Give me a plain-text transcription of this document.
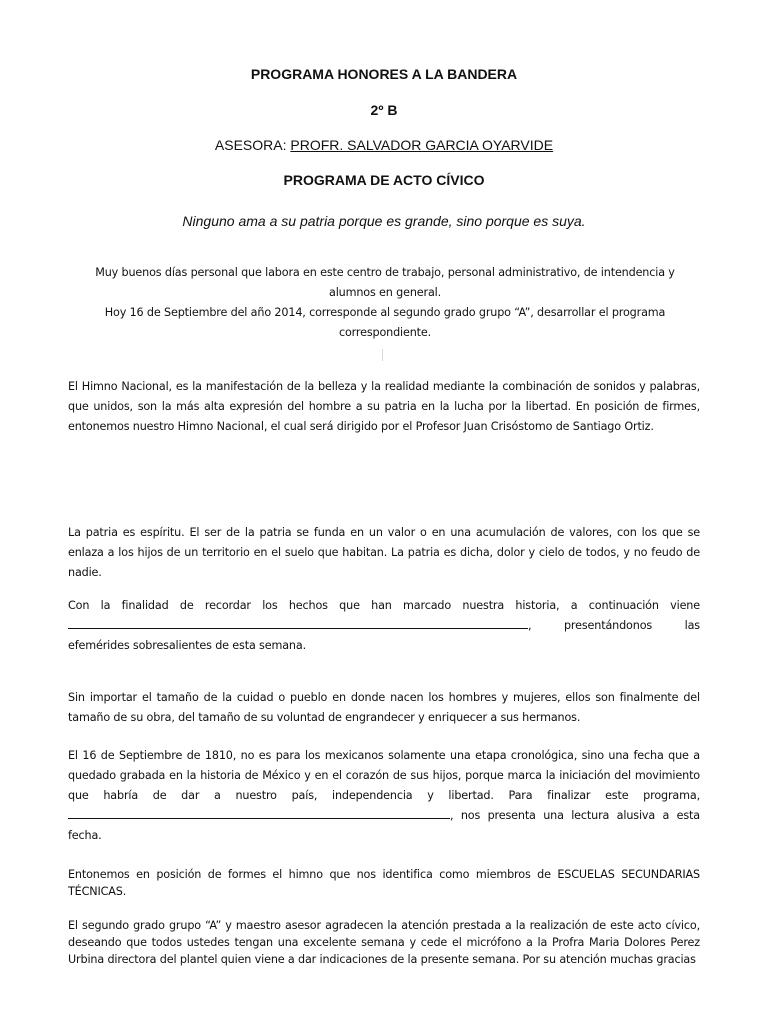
PROGRAMA HONORES A LA BANDERA
2º B
ASESORA: PROFR. SALVADOR GARCIA OYARVIDE
PROGRAMA DE ACTO CÍVICO
Ninguno ama a su patria porque es grande, sino porque es suya.
Muy buenos días personal que labora en este centro de trabajo, personal administrativo, de intendencia y alumnos en general.
Hoy 16 de Septiembre del año 2014, corresponde al segundo grado grupo “A”, desarrollar el programa correspondiente.
El Himno Nacional, es la manifestación de la belleza y la realidad mediante la combinación de sonidos y palabras, que unidos, son la más alta expresión del hombre a su patria en la lucha por la libertad. En posición de firmes, entonemos nuestro Himno Nacional, el cual será dirigido por el Profesor Juan Crisóstomo de Santiago Ortiz.
La patria es espíritu. El ser de la patria se funda en un valor o en una acumulación de valores, con los que se enlaza a los hijos de un territorio en el suelo que habitan. La patria es dicha, dolor y cielo de todos, y no feudo de nadie.
Con la finalidad de recordar los hechos que han marcado nuestra historia, a continuación viene , presentándonos las efemérides sobresalientes de esta semana.
Sin importar el tamaño de la cuidad o pueblo en donde nacen los hombres y mujeres, ellos son finalmente del tamaño de su obra, del tamaño de su voluntad de engrandecer y enriquecer a sus hermanos.
El 16 de Septiembre de 1810, no es para los mexicanos solamente una etapa cronológica, sino una fecha que a quedado grabada en la historia de México y en el corazón de sus hijos, porque marca la iniciación del movimiento que habría de dar a nuestro país, independencia y libertad. Para finalizar este programa, , nos presenta una lectura alusiva a esta fecha.
Entonemos en posición de formes el himno que nos identifica como miembros de ESCUELAS SECUNDARIAS TÉCNICAS.
El segundo grado grupo “A” y maestro asesor agradecen la atención prestada a la realización de este acto cívico, deseando que todos ustedes tengan una excelente semana y cede el micrófono a la Profra Maria Dolores Perez Urbina directora del plantel quien viene a dar indicaciones de la presente semana. Por su atención muchas gracias
